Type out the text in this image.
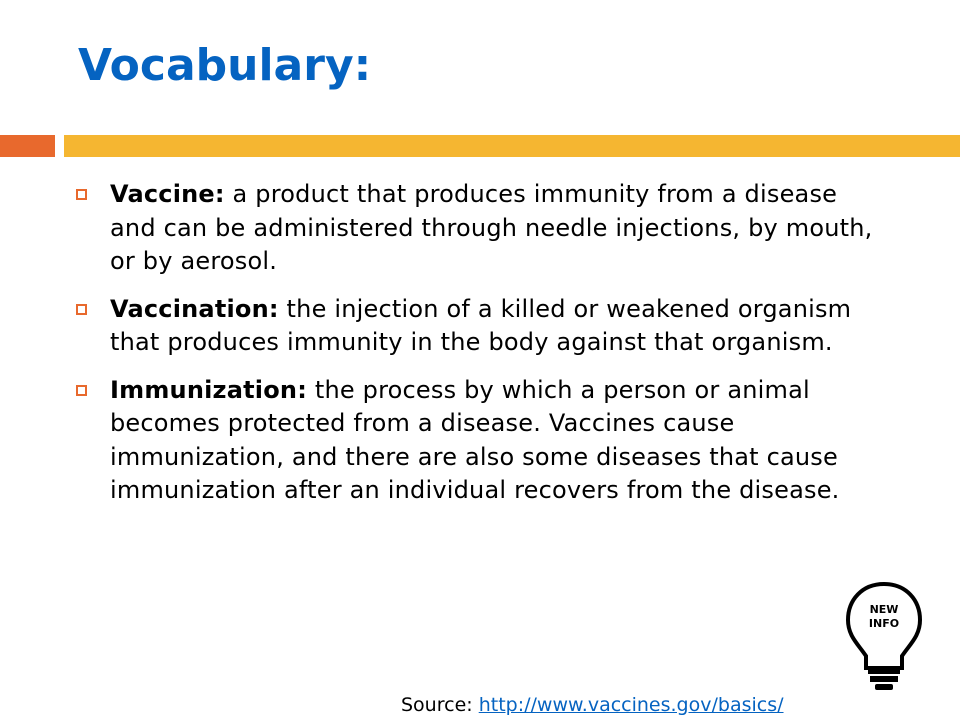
Vocabulary:
Vaccine: a product that produces immunity from a disease and can be administered through needle injections, by mouth, or by aerosol.
Vaccination: the injection of a killed or weakened organism that produces immunity in the body against that organism.
Immunization: the process by which a person or animal becomes protected from a disease. Vaccines cause immunization, and there are also some diseases that cause immunization after an individual recovers from the disease.
NEW
INFO
Source: http://www.vaccines.gov/basics/
